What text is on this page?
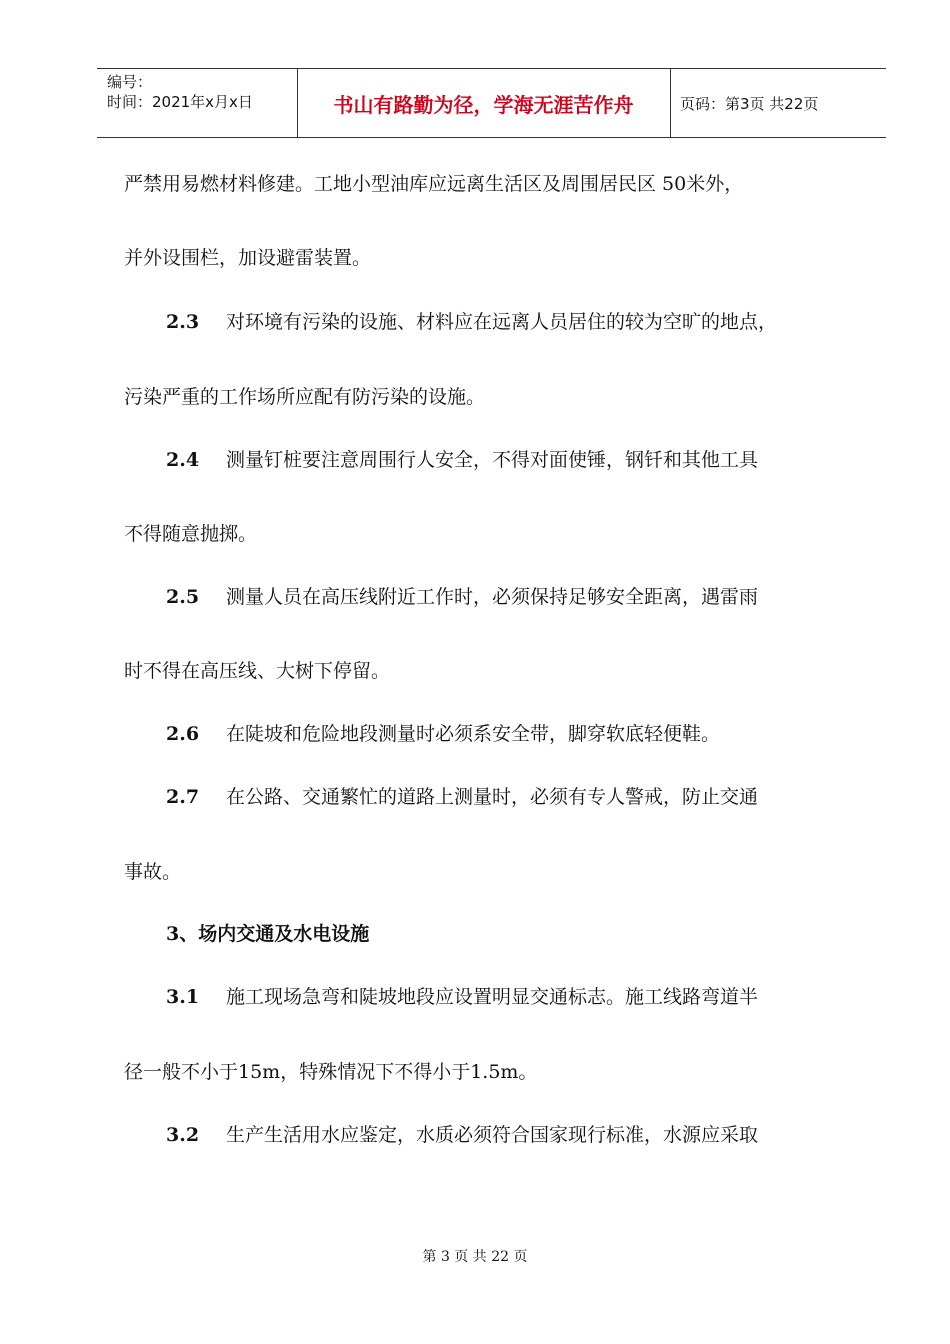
编号：
时间：2021年x月x日	书山有路勤为径，学海无涯苦作舟	页码：第3页 共22页
严禁用易燃材料修建。工地小型油库应远离生活区及周围居民区 50米外，
并外设围栏，加设避雷装置。
2.3 对环境有污染的设施、材料应在远离人员居住的较为空旷的地点，
污染严重的工作场所应配有防污染的设施。
2.4 测量钉桩要注意周围行人安全，不得对面使锤，钢钎和其他工具
不得随意抛掷。
2.5 测量人员在高压线附近工作时，必须保持足够安全距离，遇雷雨
时不得在高压线、大树下停留。
2.6 在陡坡和危险地段测量时必须系安全带，脚穿软底轻便鞋。
2.7 在公路、交通繁忙的道路上测量时，必须有专人警戒，防止交通
事故。
3、场内交通及水电设施
3.1 施工现场急弯和陡坡地段应设置明显交通标志。施工线路弯道半
径一般不小于15m，特殊情况下不得小于1.5m。
3.2 生产生活用水应鉴定，水质必须符合国家现行标准，水源应采取
第 3 页 共 22 页
